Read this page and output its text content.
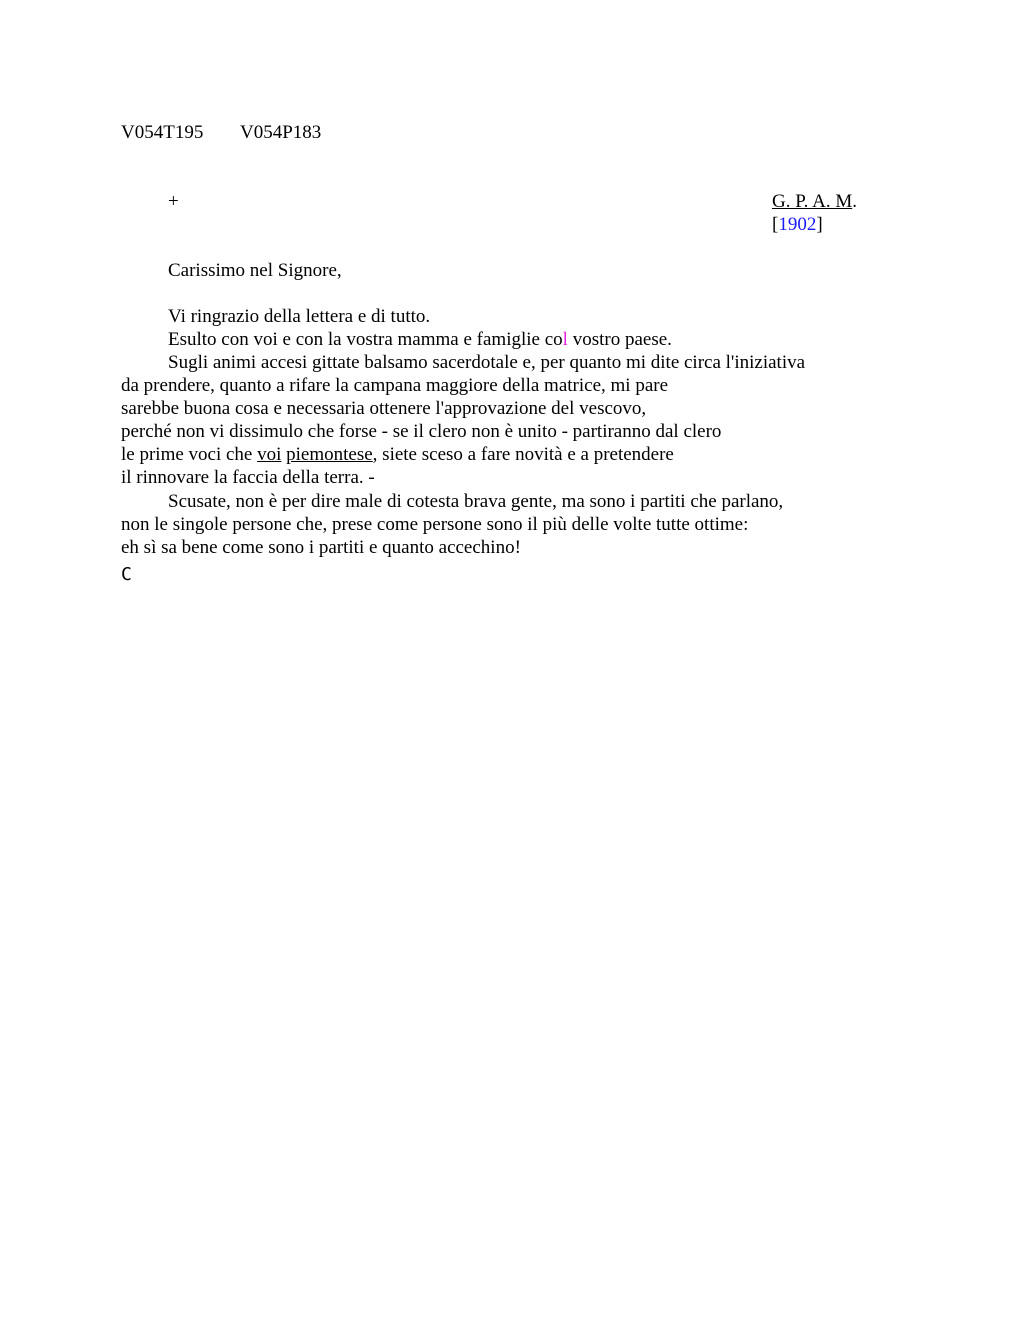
V054T195 V054P183
+	G. P. A. M.
[1902]
Carissimo nel Signore,
Vi ringrazio della lettera e di tutto.
Esulto con voi e con la vostra mamma e famiglie col vostro paese.
Sugli animi accesi gittate balsamo sacerdotale e, per quanto mi dite circa l'iniziativa
da prendere, quanto a rifare la campana maggiore della matrice, mi pare
sarebbe buona cosa e necessaria ottenere l'approvazione del vescovo,
perché non vi dissimulo che forse - se il clero non è unito - partiranno dal clero
le prime voci che voi piemontese, siete sceso a fare novità e a pretendere
il rinnovare la faccia della terra. -
Scusate, non è per dire male di cotesta brava gente, ma sono i partiti che parlano,
non le singole persone che, prese come persone sono il più delle volte tutte ottime:
eh sì sa bene come sono i partiti e quanto accechino!
C
